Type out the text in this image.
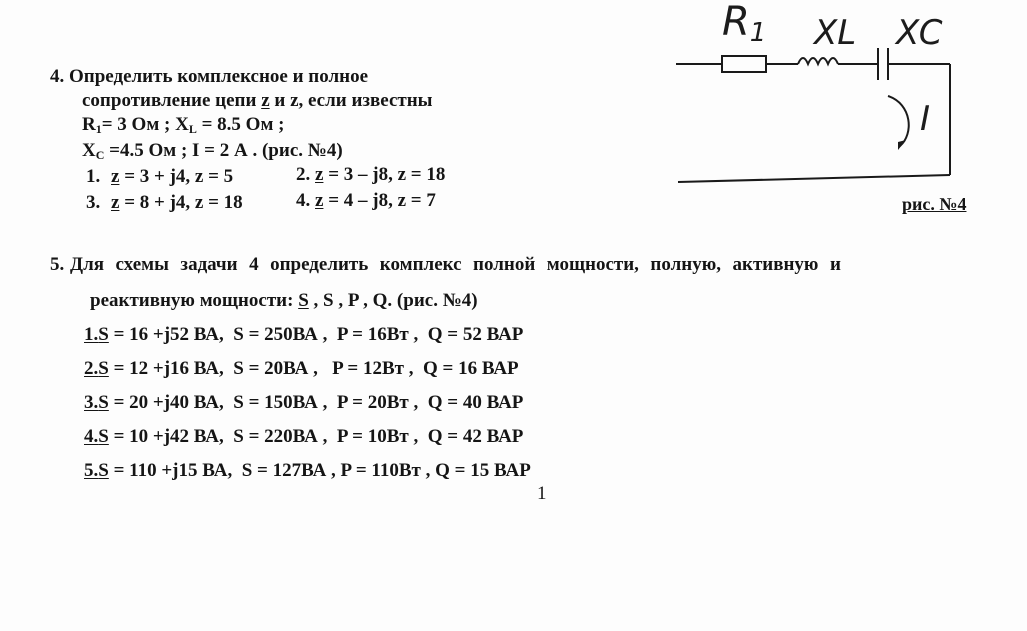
R1 XL XC
I
рис. №4
4. Определить комплексное и полное
сопротивление цепи z и z, если известны
$R_1= 3$ Ом ; $X_L = 8.5$ Ом ;
$X_C =4.5$ Ом ; I = 2 А . (рис. №4)
1. z = 3 + j4, z = 5	2. z = 3 – j8, z = 18
3. z = 8 + j4, z = 18	4. z = 4 – j8, z = 7
5. Для  схемы  задачи  4  определить  комплекс  полной  мощности,  полную,  активную  и
реактивную мощности: S , S , P , Q. (рис. №4)
1.S = 16 +j52 ВА,  S = 250ВА ,  P = 16Вт ,  Q = 52 ВАР
2.S = 12 +j16 ВА,  S = 20ВА ,   P = 12Вт ,  Q = 16 ВАР
3.S = 20 +j40 ВА,  S = 150ВА ,  P = 20Вт ,  Q = 40 ВАР
4.S = 10 +j42 ВА,  S = 220ВА ,  P = 10Вт ,  Q = 42 ВАР
5.S = 110 +j15 ВА,  S = 127ВА , P = 110Вт , Q = 15 ВАР
1
